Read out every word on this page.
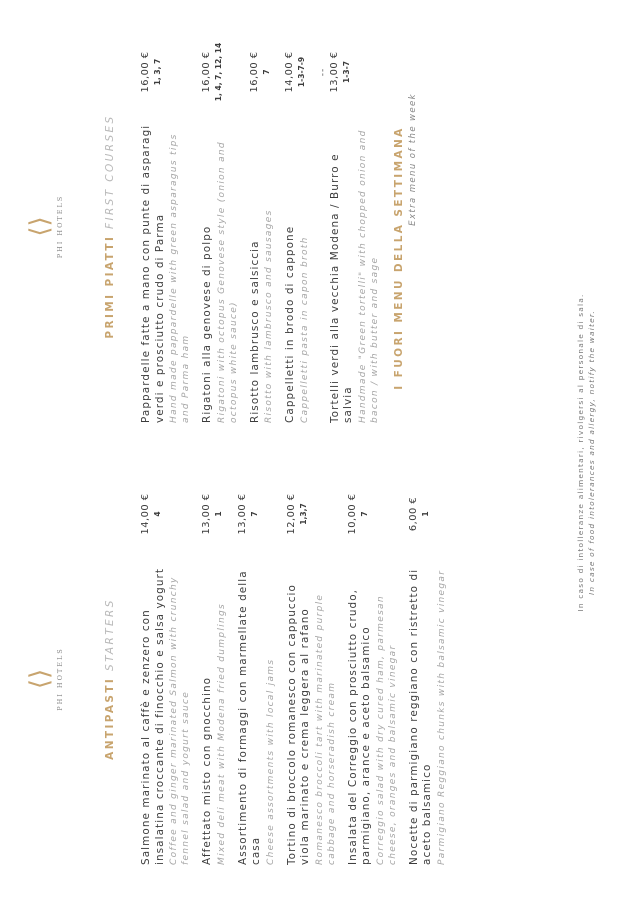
⟨⟩ PHI HOTELS	ANTIPASTI STARTERS Salmone marinato al caffè e zenzero con insalatina croccante di finocchio e salsa yogurt Coffee and ginger marinated Salmon with crunchy fennel salad and yogurt sauce
14,00 € 4
Affettato misto con gnocchino Mixed deli meat with Modena fried dumplings
13,00 € 1
Assortimento di formaggi con marmellate della casa Cheese assortments with local jams
13,00 € 7
Tortino di broccolo romanesco con cappuccio viola marinato e crema leggera al rafano Romanesco broccoli tart with marinated purple cabbage and horseradish cream
12,00 € 1,3,7
Insalata del Correggio con prosciutto crudo, parmigiano, arance e aceto balsamico Correggio salad with dry cured ham, parmesan cheese, oranges and balsamic vinegar
10,00 € 7
Nocette di parmigiano reggiano con ristretto di aceto balsamico Parmigiano Reggiano chunks with balsamic vinegar
6,00 € 1	In caso di intolleranze alimentari, rivolgersi al personale di sala. In case of food intolerances and allergy, notify the waiter.
⟨⟩ PHI HOTELS
PRIMI PIATTI FIRST COURSES Pappardelle fatte a mano con punte di asparagi verdi e prosciutto crudo di Parma Hand made pappardelle with green asparagus tips and Parma ham
16,00 € 1, 3, 7
Rigatoni alla genovese di polpo Rigatoni with octopus Genovese style (onion and octopus white sauce)
16,00 € 1, 4, 7, 12, 14
Risotto lambrusco e salsiccia Risotto with lambrusco and sausages
16,00 € 7
Cappelletti in brodo di cappone Cappelletti pasta in capon broth
14,00 € 1-3-7-9 --
Tortelli verdi alla vecchia Modena / Burro e salvia Handmade "Green tortelli" with chopped onion and bacon / with butter and sage
13,00 € 1-3-7
I FUORI MENU DELLA SETTIMANA Extra menu of the week
